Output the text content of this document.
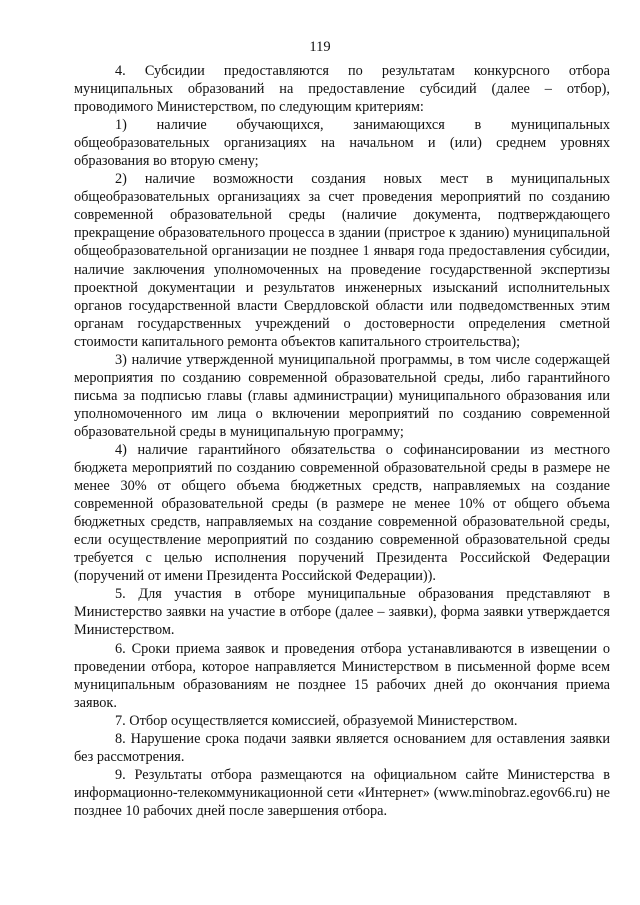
119

4. Субсидии предоставляются по результатам конкурсного отбора муниципальных образований на предоставление субсидий (далее – отбор), проводимого Министерством, по следующим критериям:

1) наличие обучающихся, занимающихся в муниципальных общеобразовательных организациях на начальном и (или) среднем уровнях образования во вторую смену;

2) наличие возможности создания новых мест в муниципальных общеобразовательных организациях за счет проведения мероприятий по созданию современной образовательной среды (наличие документа, подтверждающего прекращение образовательного процесса в здании (пристрое к зданию) муниципальной общеобразовательной организации не позднее 1 января года предоставления субсидии, наличие заключения уполномоченных на проведение государственной экспертизы проектной документации и результатов инженерных изысканий исполнительных органов государственной власти Свердловской области или подведомственных этим органам государственных учреждений о достоверности определения сметной стоимости капитального ремонта объектов капитального строительства);

3) наличие утвержденной муниципальной программы, в том числе содержащей мероприятия по созданию современной образовательной среды, либо гарантийного письма за подписью главы (главы администрации) муниципального образования или уполномоченного им лица о включении мероприятий по созданию современной образовательной среды в муниципальную программу;

4) наличие гарантийного обязательства о софинансировании из местного бюджета мероприятий по созданию современной образовательной среды в размере не менее 30% от общего объема бюджетных средств, направляемых на создание современной образовательной среды (в размере не менее 10% от общего объема бюджетных средств, направляемых на создание современной образовательной среды, если осуществление мероприятий по созданию современной образовательной среды требуется с целью исполнения поручений Президента Российской Федерации (поручений от имени Президента Российской Федерации)).

5. Для участия в отборе муниципальные образования представляют в Министерство заявки на участие в отборе (далее – заявки), форма заявки утверждается Министерством.

6. Сроки приема заявок и проведения отбора устанавливаются в извещении о проведении отбора, которое направляется Министерством в письменной форме всем муниципальным образованиям не позднее 15 рабочих дней до окончания приема заявок.

7. Отбор осуществляется комиссией, образуемой Министерством.

8. Нарушение срока подачи заявки является основанием для оставления заявки без рассмотрения.

9. Результаты отбора размещаются на официальном сайте Министерства в информационно-телекоммуникационной сети «Интернет» (www.minobraz.egov66.ru) не позднее 10 рабочих дней после завершения отбора.
